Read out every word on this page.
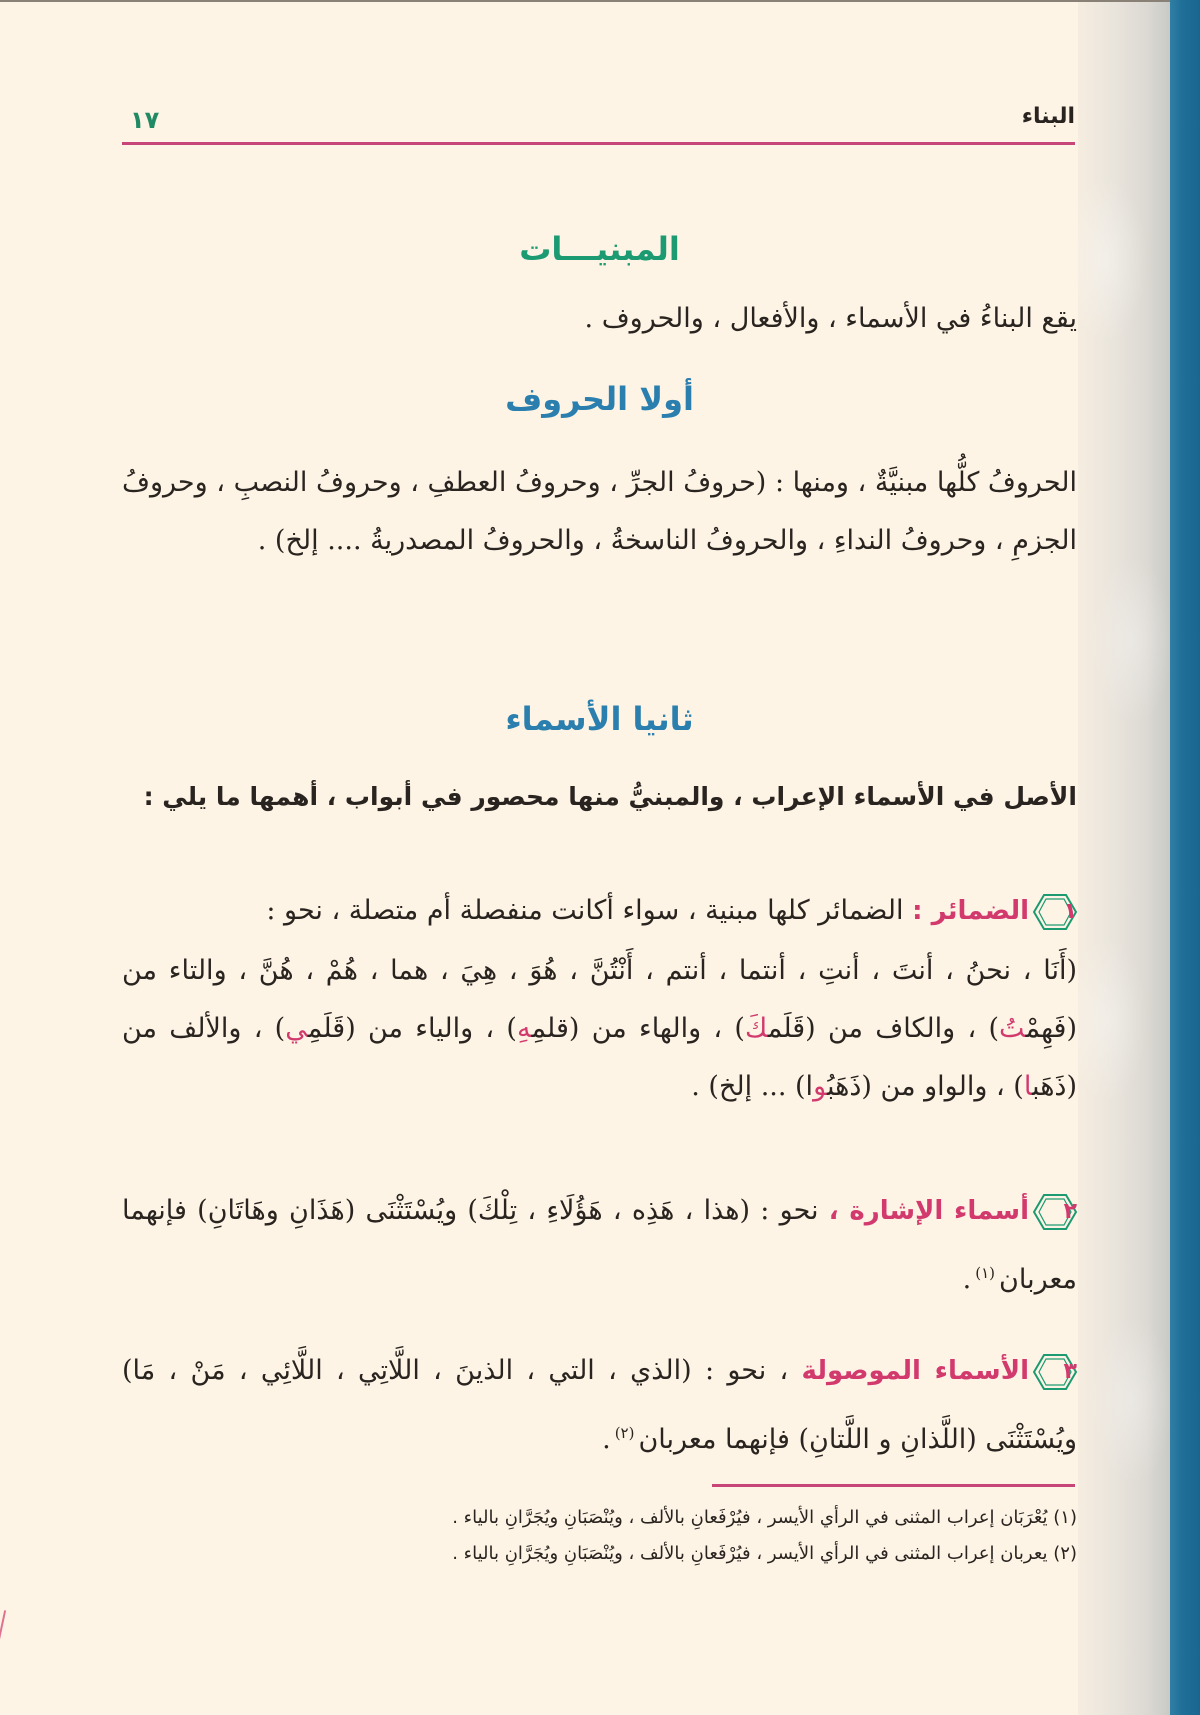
البناء
١٧
المبنيـــات
يقع البناءُ في الأسماء ، والأفعال ، والحروف .
أولا الحروف
الحروفُ كلُّها مبنيَّةٌ ، ومنها : (حروفُ الجرِّ ، وحروفُ العطفِ ، وحروفُ النصبِ ، وحروفُ الجزمِ ، وحروفُ النداءِ ، والحروفُ الناسخةُ ، والحروفُ المصدريةُ .... إلخ) .
ثانيا الأسماء
الأصل في الأسماء الإعراب ، والمبنيُّ منها محصور في أبواب ، أهمها ما يلي :
١
الضمائر : الضمائر كلها مبنية ، سواء أكانت منفصلة أم متصلة ، نحو :
(أَنَا ، نحنُ ، أنتَ ، أنتِ ، أنتما ، أنتم ، أَنْتُنَّ ، هُوَ ، هِيَ ، هما ، هُمْ ، هُنَّ ، والتاء من (فَهِمْتُ) ، والكاف من (قَلَمكَ) ، والهاء من (قلمِهِ) ، والياء من (قَلَمِي) ، والألف من (ذَهَبا) ، والواو من (ذَهَبُوا) ... إلخ) .
٢
أسماء الإشارة ، نحو : (هذا ، هَذِه ، هَؤُلَاءِ ، تِلْكَ) ويُسْتَثْنَى (هَذَانِ وهَاتَانِ) فإنهما معربان$^{(١)}$.
٣
الأسماء الموصولة ، نحو : (الذي ، التي ، الذينَ ، اللَّاتِي ، اللَّائِي ، مَنْ ، مَا) ويُسْتَثْنَى (اللَّذانِ و اللَّتانِ) فإنهما معربان$^{(٢)}$.
(١) يُعْرَبَان إعراب المثنى في الرأي الأيسر ، فيُرْفَعانِ بالألف ، ويُنْصَبَانِ ويُجَرَّانِ بالياء .
(٢) يعربان إعراب المثنى في الرأي الأيسر ، فيُرْفَعانِ بالألف ، ويُنْصَبَانِ ويُجَرَّانِ بالياء .
